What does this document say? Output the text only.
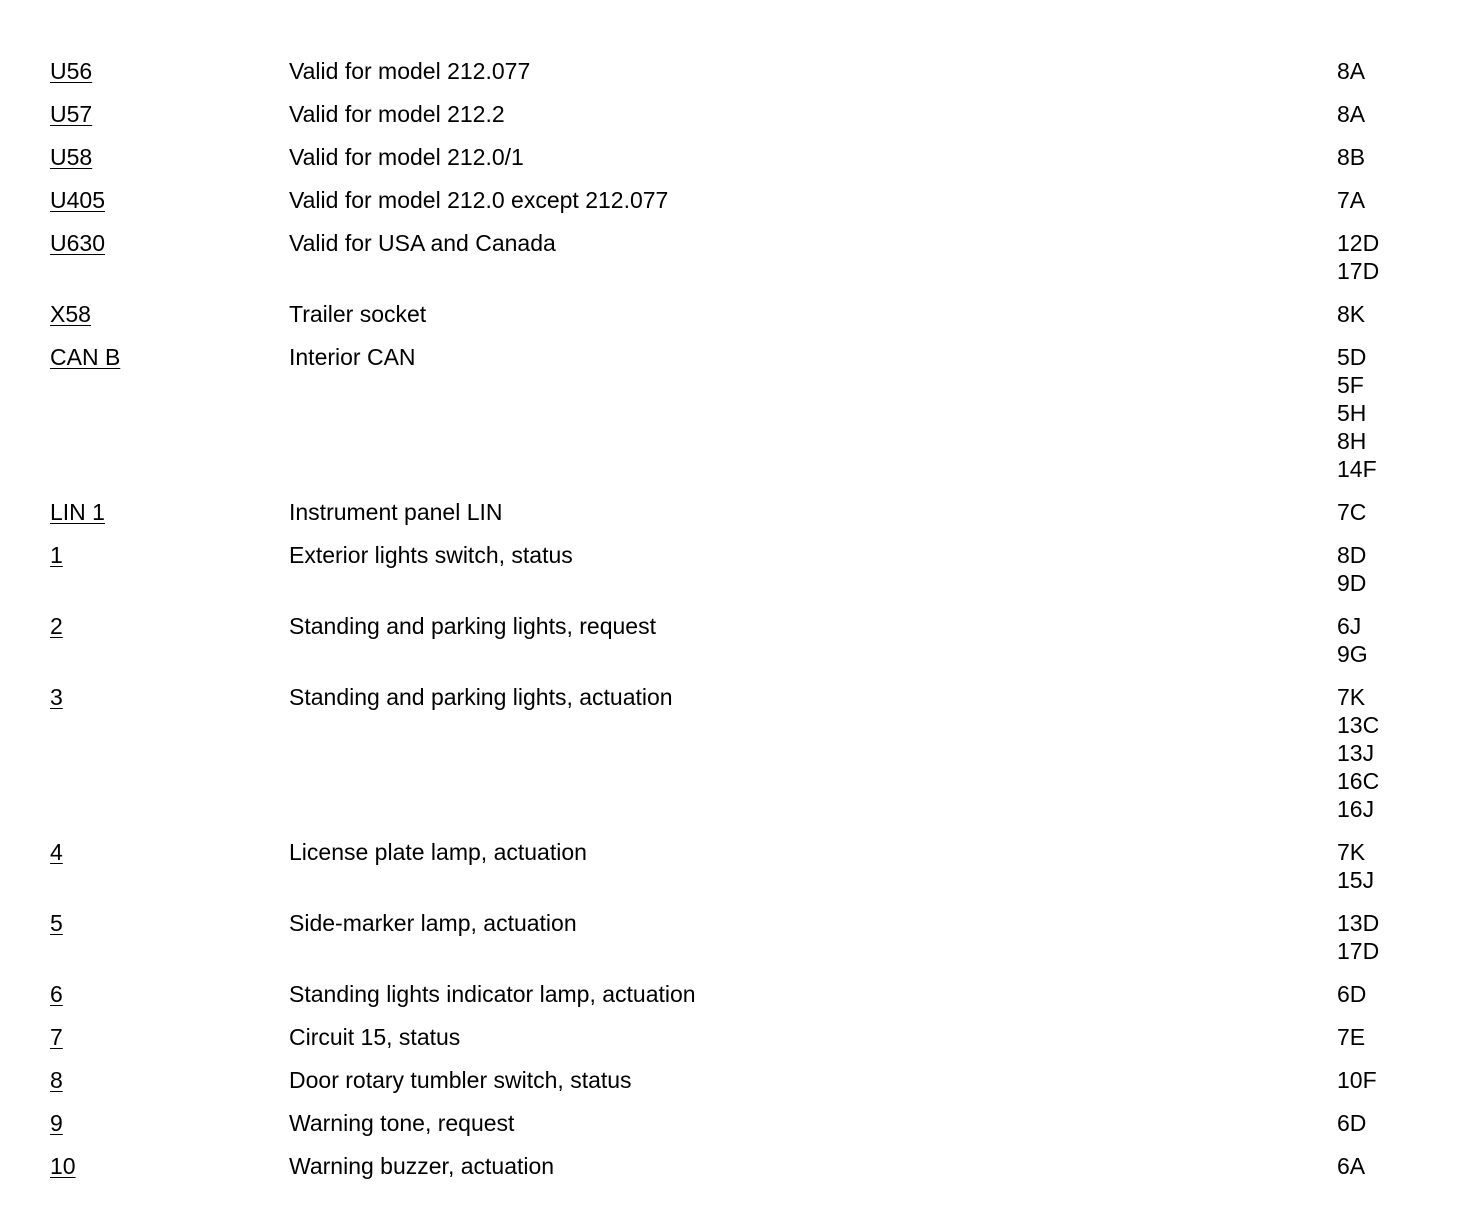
U56	Valid for model 212.077	8A
U57	Valid for model 212.2	8A
U58	Valid for model 212.0/1	8B
U405	Valid for model 212.0 except 212.077	7A
U630	Valid for USA and Canada	12D
17D
X58	Trailer socket	8K
CAN B	Interior CAN	5D
5F
5H
8H
14F
LIN 1	Instrument panel LIN	7C
1	Exterior lights switch, status	8D
9D
2	Standing and parking lights, request	6J
9G
3	Standing and parking lights, actuation	7K
13C
13J
16C
16J
4	License plate lamp, actuation	7K
15J
5	Side-marker lamp, actuation	13D
17D
6	Standing lights indicator lamp, actuation	6D
7	Circuit 15, status	7E
8	Door rotary tumbler switch, status	10F
9	Warning tone, request	6D
10	Warning buzzer, actuation	6A
